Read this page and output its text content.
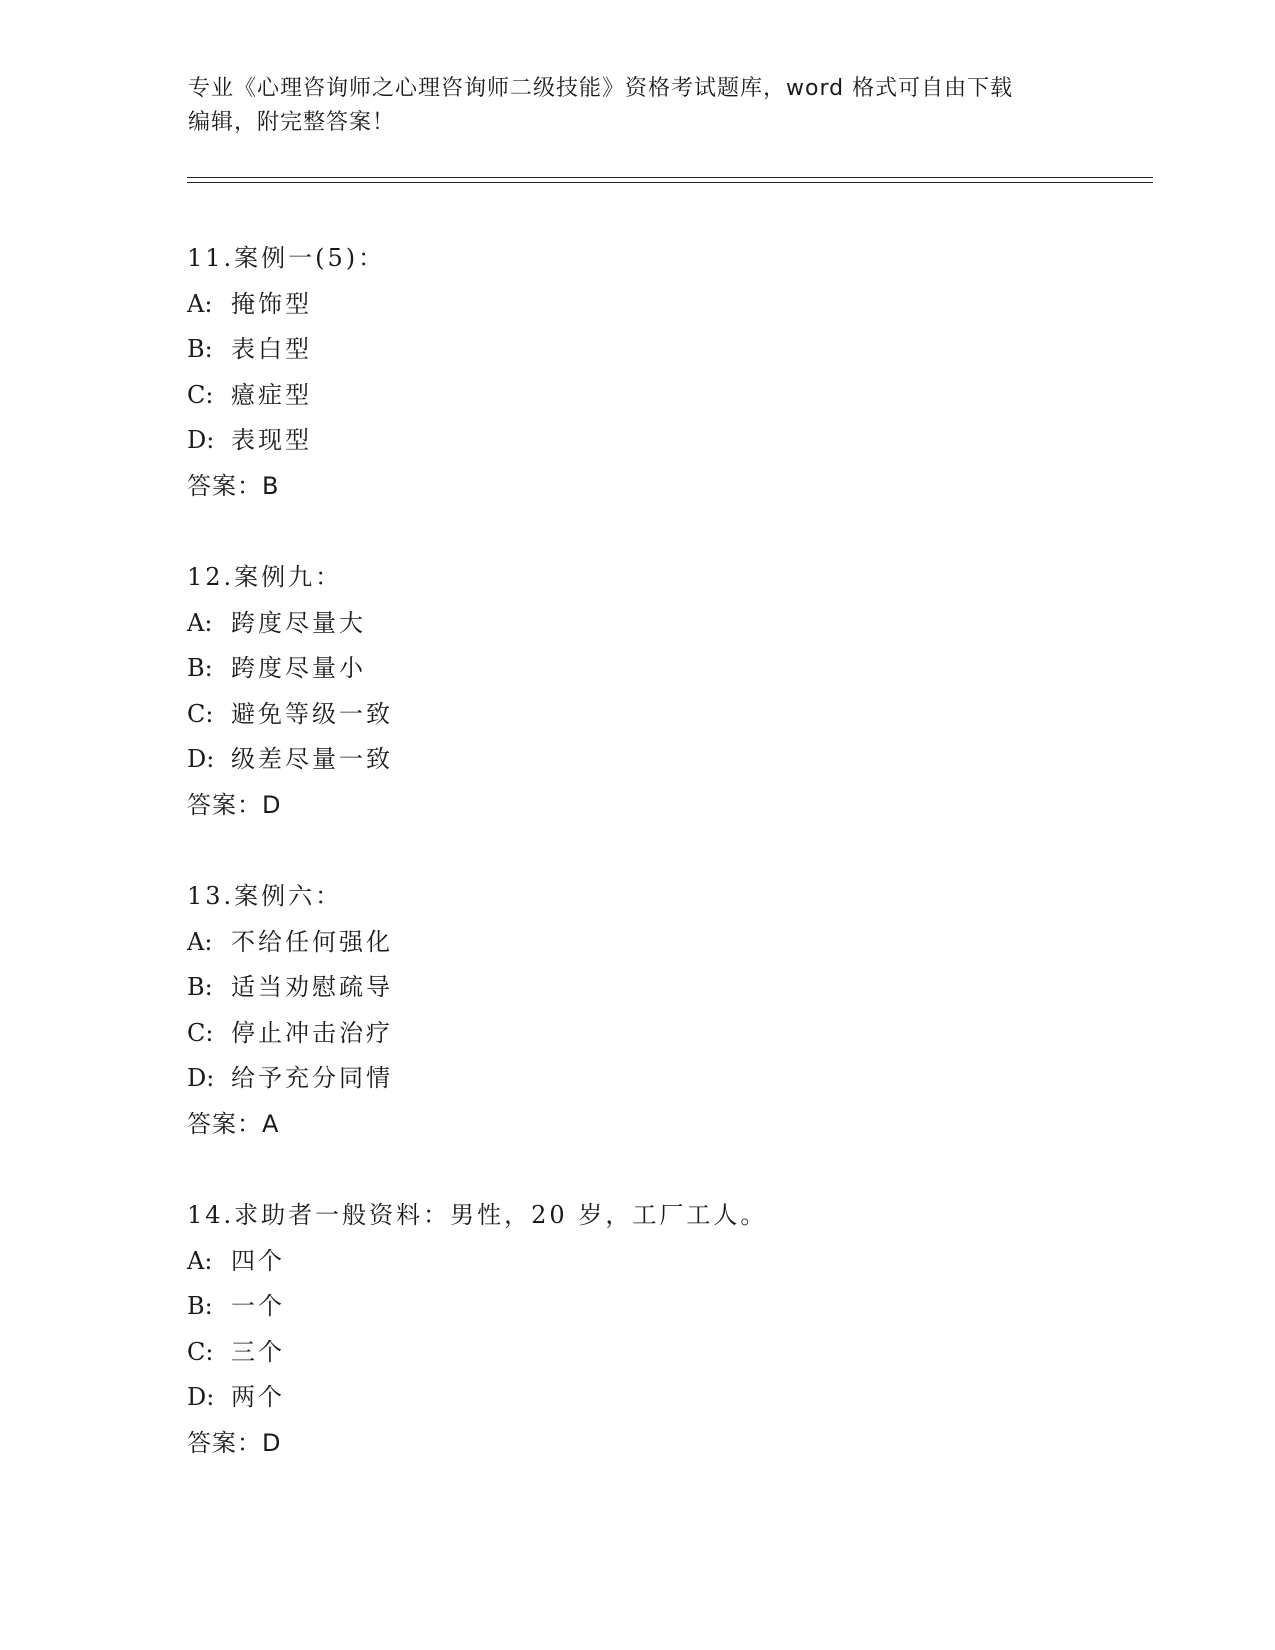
专业《心理咨询师之心理咨询师二级技能》资格考试题库，word 格式可自由下载
编辑，附完整答案！
11.案例一(5)：
A: 掩饰型
B: 表白型
C: 癔症型
D: 表现型
答案：B
12.案例九：
A: 跨度尽量大
B: 跨度尽量小
C: 避免等级一致
D: 级差尽量一致
答案：D
13.案例六：
A: 不给任何强化
B: 适当劝慰疏导
C: 停止冲击治疗
D: 给予充分同情
答案：A
14.求助者一般资料：男性，20 岁，工厂工人。
A: 四个
B: 一个
C: 三个
D: 两个
答案：D
